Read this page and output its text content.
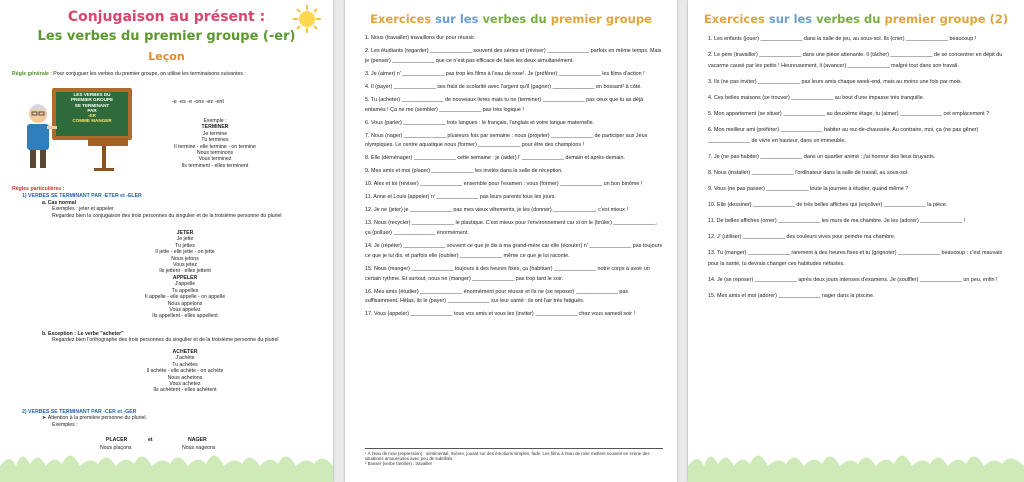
Conjugaison au présent :
Les verbes du premier groupe (-er)
Leçon
Règle générale : Pour conjuguer les verbes du premier groupe, on utilise les terminaisons suivantes :
LES VERBES DU
PREMIER GROUPE
SE TERMINANT
PAR
-ER
COMME MANGER
-e -es -e -ons -ez -ent
Exemple :
TERMINER
Je termine
Tu termines
Il termine - elle termine - on termine
Nous terminons
Vous terminez
Ils terminent - elles terminent
Règles particulières :
1) VERBES SE TERMINANT PAR -ETER et -ELER
a. Cas normal
Exemples : jeter et appeler
Regardez bien la conjugaison des trois personnes du singulier et de la troisième personne du pluriel
JETER
Je jette
Tu jettes
Il jette - elle jette - on jette
Nous jetons
Vous jetez
Ils jettent - elles jettent
APPELER
J'appelle
Tu appelles
Il appelle - elle appelle - on appelle
Nous appelons
Vous appelez
Ils appellent - elles appellent
b. Exception : Le verbe "acheter"
Regardez bien l'orthographe des trois personnes du singulier et de la troisième personne du pluriel
ACHETER
J'achète
Tu achètes
Il achète - elle achète - on achète
Nous achetons
Vous achetez
Ils achètent - elles achètent
2) VERBES SE TERMINANT PAR -CER et -GER
➤ Attention à la première personne du pluriel.
Exemples :
PLACER	et	NAGER
Nous plaçons	Nous nageons
Exercices sur les verbes du premier groupe

1. Nous (travailler) travaillons dur pour réussir.

2. Les étudiants (regarder) ______________ souvent des séries et (réviser) ______________ parfois en même temps. Mais je (penser) ______________ que ce n'est pas efficace de faire les deux simultanément.

3. Je (aimer) n' ______________ pas trop les films à l'eau de rose¹. Je (préférer) ______________ les films d'action !

4. Il (payer) ______________ ses frais de scolarité avec l'argent qu'il (gagner) ______________ en bossant² à côté.

5. Tu (acheter) ______________ de nouveaux livres mais tu ne (terminer) ______________ pas ceux que tu as déjà entamés ! Ça ne me (sembler) ______________ pas très logique !

6. Vous (parler) ______________ trois langues : le français, l'anglais et votre langue maternelle.

7. Nous (nager) ______________ plusieurs fois par semaine : nous (projeter) ______________ de participer aux Jeux olympiques. Le centre aquatique nous (former) ______________ pour être des champions !

8. Elle (déménager) ______________ cette semaine : je (aider) l' ______________ demain et après-demain.

9. Mes amis et moi (placer) ______________ les invités dans la salle de réception.

10. Alex et toi (réviser) ______________ ensemble pour l'examen : vous (former) ______________ un bon binôme !

11. Anne et Louis (appeler) n' ______________ pas leurs parents tous les jours.

12. Je ne (jeter) je ______________ pas mes vieux vêtements, je les (donner) ______________, c'est mieux !

13. Nous (recycler) ______________ le plastique. C'est mieux pour l'environnement car si on le (brûler) ______________, ça (polluer) ______________ énormément.

14. Je (répéter) ______________ souvent ce que je dis à ma grand-mère car elle (écouter) n' ______________ pas toujours ce que je lui dis, et parfois elle (oublier) ______________ même ce que je lui raconte.

15. Nous (manger) ______________ toujours à des heures fixes, ça (habituer) ______________ notre corps à avoir un certain rythme. Et surtout, nous ne (manger) ______________ pas trop tard le soir.

16. Mes amis (étudier) ______________ énormément pour réussir et ils ne (se reposer) ______________ pas suffisamment. Hélas, ils le (payer) ______________ sur leur santé : ils ont l'air très fatigués.

17. Vous (appeler) ______________ tous vos amis et vous les (inviter) ______________ chez vous samedi soir !

¹ À l'eau de rose (expression) : sentimental, mièvre, jouant sur des émotions simples, fade. Les films à l'eau de rose mettent souvent en scène des situations amoureuses avec peu de subtilités.
² Bosser (verbe familier) : travailler
Exercices sur les verbes du premier groupe (2)

1. Les enfants (jouer) ______________ dans la salle de jeu, au sous-sol. Ils (crier) ______________ beaucoup !

2. Le père (travailler) ______________ dans une pièce attenante. Il (tâcher) ______________ de se concentrer en dépit du vacarme causé par les petits ! Heureusement, il (avancer) ______________ malgré tout dans son travail.

3. Ils (ne pas inviter) ______________ pas leurs amis chaque week-end, mais au moins une fois par mois.

4. Ces belles maisons (se trouver) ______________ au bout d'une impasse très tranquille.

5. Mon appartement (se situer) ______________ au deuxième étage, tu (aimer) ______________ cet emplacement ?

6. Mon meilleur ami (préférer) ______________ habiter au rez-de-chaussée. Au contraire, moi, ça (ne pas gêner) ______________ de vivre en hauteur, dans un immeuble.

7. Je (ne pas habiter) ______________ dans un quartier animé : j'ai horreur des lieux bruyants.

8. Nous (installer) ______________ l'ordinateur dans la salle de travail, au sous-sol.

9. Vous (ne pas passer) ______________ toute la journée à étudier, quand même ?

10. Elle (dessiner) ______________ de très belles affiches qui (enjoliver) ______________ la pièce.

11. De belles affiches (orner) ______________ les murs de ma chambre. Je les (adorer) ______________ !

12. J' (utiliser) ______________ des couleurs vives pour peindre ma chambre.

13. Tu (manger) ______________ rarement à des heures fixes et tu (grignoter) ______________ beaucoup : c'est mauvais pour la santé, tu devrais changer ces habitudes néfastes.

14. Je (se reposer) ______________ après deux jours intenses d'examens. Je (souffler) ______________ un peu, enfin !

15. Mes amis et moi (adorer) ______________ nager dans la piscine.
